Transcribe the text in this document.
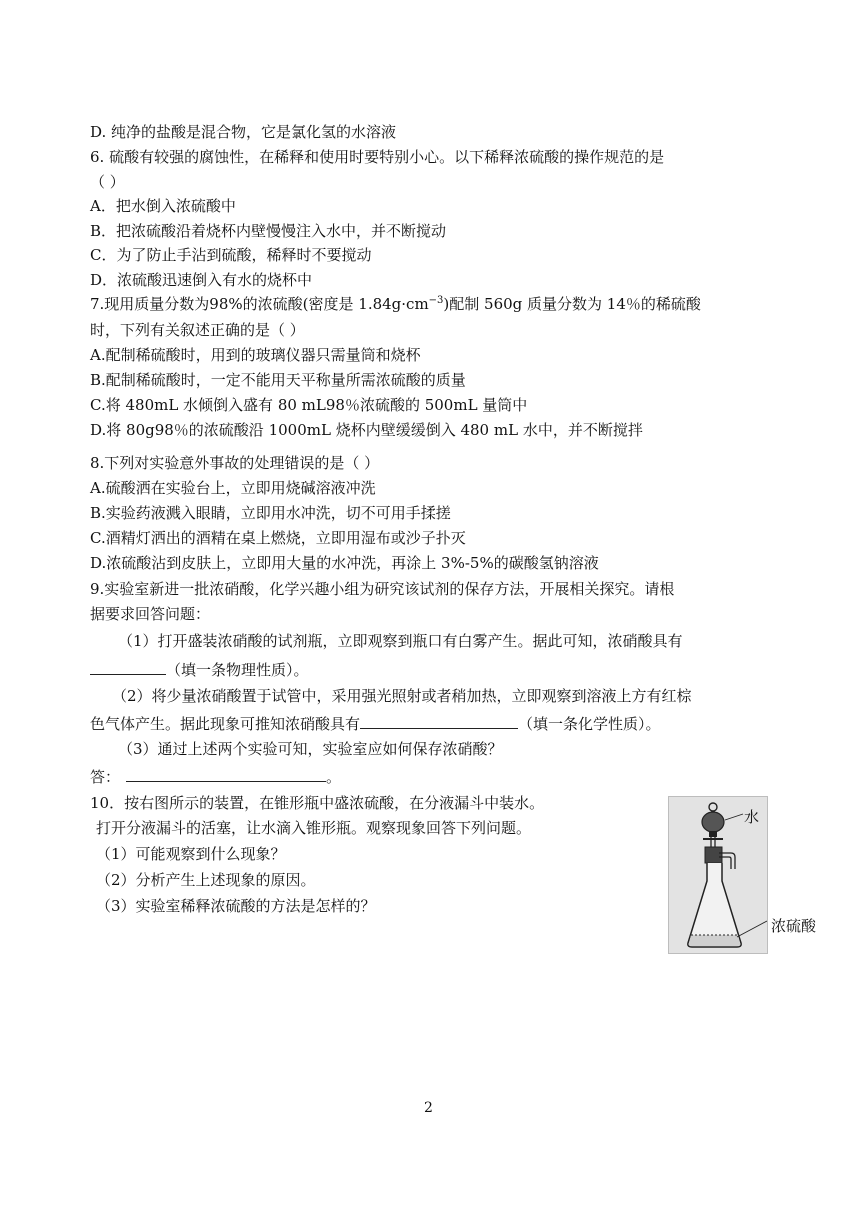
D. 纯净的盐酸是混合物，它是氯化氢的水溶液
6. 硫酸有较强的腐蚀性，在稀释和使用时要特别小心。以下稀释浓硫酸的操作规范的是
（ ）
A．把水倒入浓硫酸中
B．把浓硫酸沿着烧杯内壁慢慢注入水中，并不断搅动
C．为了防止手沾到硫酸，稀释时不要搅动
D．浓硫酸迅速倒入有水的烧杯中
7.现用质量分数为98%的浓硫酸(密度是 $1.84g\cdot cm^{-3}$)配制 560g 质量分数为 14％的稀硫酸
时，下列有关叙述正确的是（ ）
A.配制稀硫酸时，用到的玻璃仪器只需量筒和烧杯
B.配制稀硫酸时，一定不能用天平称量所需浓硫酸的质量
C.将 480mL 水倾倒入盛有 80 mL98％浓硫酸的 500mL 量筒中
D.将 80g98％的浓硫酸沿 1000mL 烧杯内壁缓缓倒入 480 mL 水中，并不断搅拌
8.下列对实验意外事故的处理错误的是（ ）
A.硫酸洒在实验台上，立即用烧碱溶液冲洗
B.实验药液溅入眼睛，立即用水冲洗，切不可用手揉搓
C.酒精灯洒出的酒精在桌上燃烧，立即用湿布或沙子扑灭
D.浓硫酸沾到皮肤上，立即用大量的水冲洗，再涂上 3%-5%的碳酸氢钠溶液
9.实验室新进一批浓硝酸，化学兴趣小组为研究该试剂的保存方法，开展相关探究。请根
据要求回答问题：
（1）打开盛装浓硝酸的试剂瓶，立即观察到瓶口有白雾产生。据此可知，浓硝酸具有
（填一条物理性质）。
（2）将少量浓硝酸置于试管中，采用强光照射或者稍加热，立即观察到溶液上方有红棕
色气体产生。据此现象可推知浓硝酸具有	（填一条化学性质）。
（3）通过上述两个实验可知，实验室应如何保存浓硝酸？
答：	。
10．按右图所示的装置，在锥形瓶中盛浓硫酸，在分液漏斗中装水。
打开分液漏斗的活塞，让水滴入锥形瓶。观察现象回答下列问题。
（1）可能观察到什么现象？
（2）分析产生上述现象的原因。
（3）实验室稀释浓硫酸的方法是怎样的？
水
浓硫酸
2
